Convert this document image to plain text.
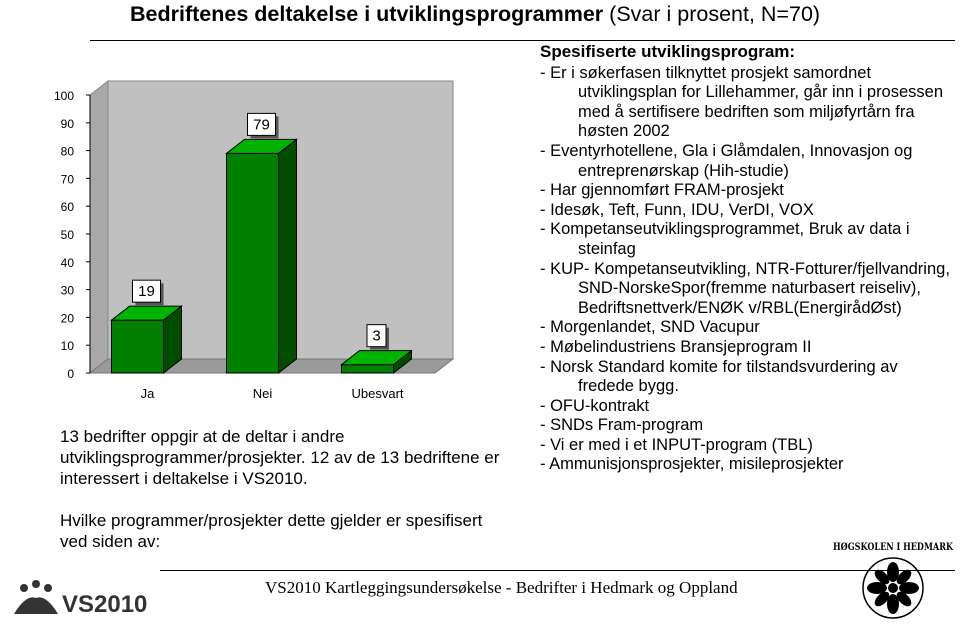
Bedriftenes deltakelse i utviklingsprogrammer (Svar i prosent, N=70)
0
10
20
30
40
50
60
70
80
90
100
19
Ja
79
Nei
3
Ubesvart
13 bedrifter oppgir at de deltar i andre utviklingsprogrammer/prosjekter. 12 av de 13 bedriftene er interessert i deltakelse i VS2010.
Hvilke programmer/prosjekter dette gjelder er spesifisert ved siden av:
Spesifiserte utviklingsprogram:
- Er i søkerfasen tilknyttet prosjekt samordnet utviklingsplan for Lillehammer, går inn i prosessen med å sertifisere bedriften som miljøfyrtårn fra høsten 2002
- Eventyrhotellene, Gla i Glåmdalen, Innovasjon og entreprenørskap (Hih-studie)
- Har gjennomført FRAM-prosjekt
- Idesøk, Teft, Funn, IDU, VerDI, VOX
- Kompetanseutviklingsprogrammet, Bruk av data i steinfag
- KUP- Kompetanseutvikling, NTR-Fotturer/fjellvandring, SND-NorskeSpor(fremme naturbasert reiseliv), Bedriftsnettverk/ENØK v/RBL(EnergirådØst)
- Morgenlandet, SND Vacupur
- Møbelindustriens Bransjeprogram II
- Norsk Standard komite for tilstandsvurdering av fredede bygg.
- OFU-kontrakt
- SNDs Fram-program
- Vi er med i et INPUT-program (TBL)
- Ammunisjonsprosjekter, misileprosjekter
VS2010
VS2010 Kartleggingsundersøkelse - Bedrifter i Hedmark og Oppland
HØGSKOLEN I HEDMARK
